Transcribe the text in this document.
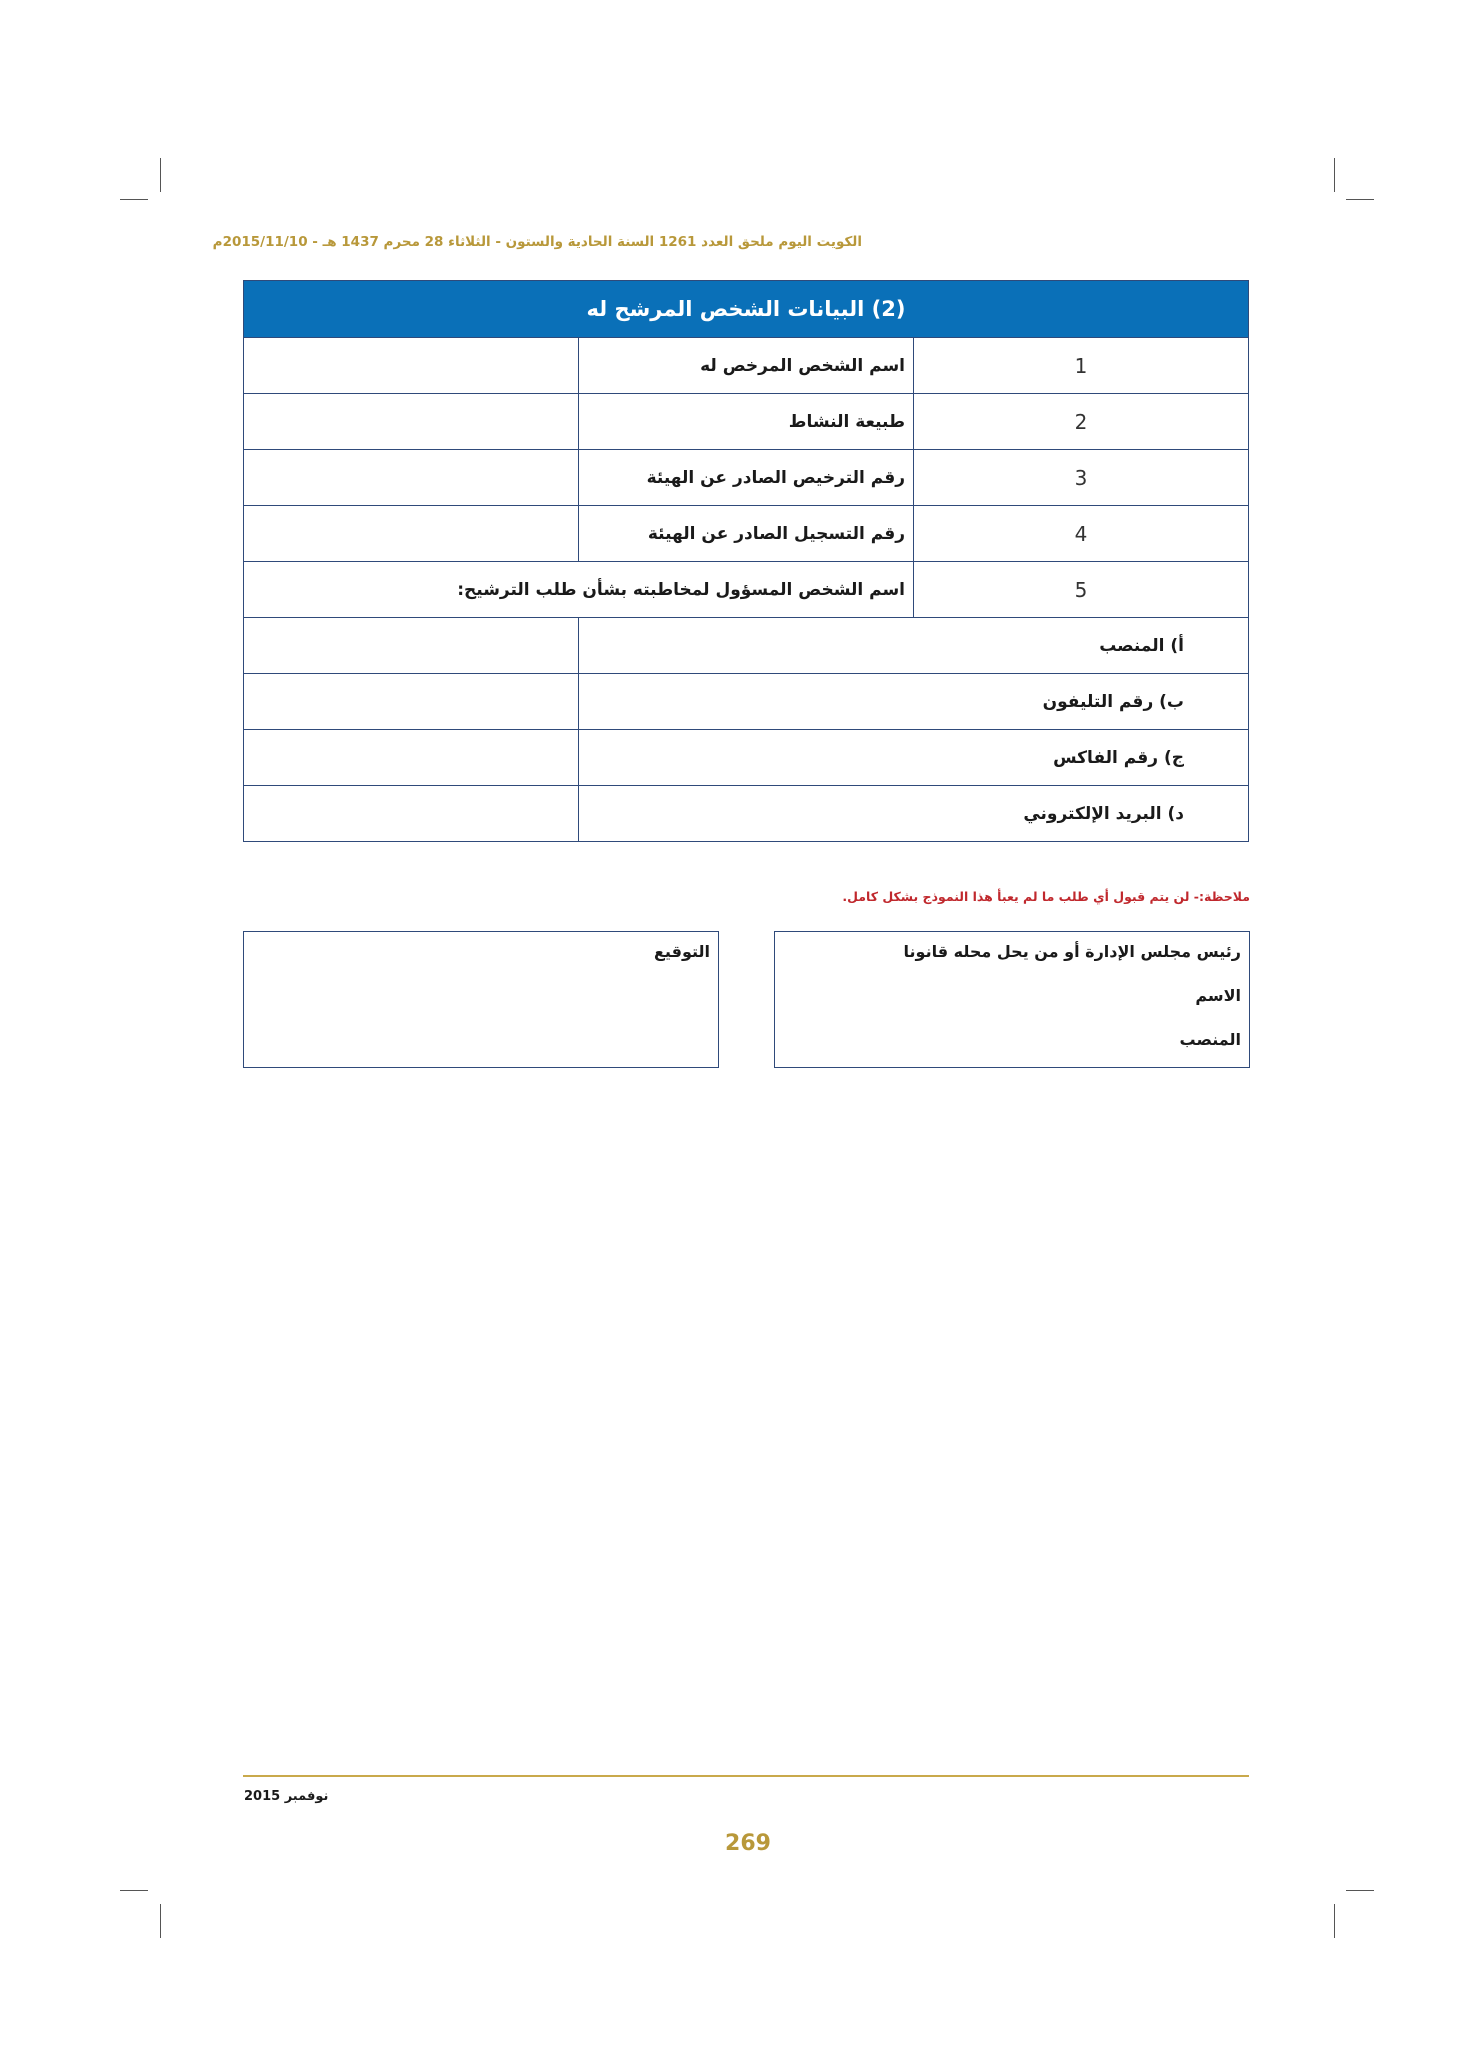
الكويت اليوم ملحق العدد 1261 السنة الحادية والستون - الثلاثاء 28 محرم 1437 هـ - 2015/11/10م
(2) البيانات الشخص المرشح له		
1	اسم الشخص المرخص له	
2	طبيعة النشاط	
3	رقم الترخيص الصادر عن الهيئة	
4	رقم التسجيل الصادر عن الهيئة	
5	اسم الشخص المسؤول لمخاطبته بشأن طلب الترشيح:	
أ) المنصب		
ب) رقم التليفون		
ج) رقم الفاكس		
د) البريد الإلكتروني		
ملاحظة:- لن يتم قبول أي طلب ما لم يعبأ هذا النموذج بشكل كامل.
رئيس مجلس الإدارة أو من يحل محله قانونا
الاسم
المنصب
التوقيع
نوفمبر 2015
269
